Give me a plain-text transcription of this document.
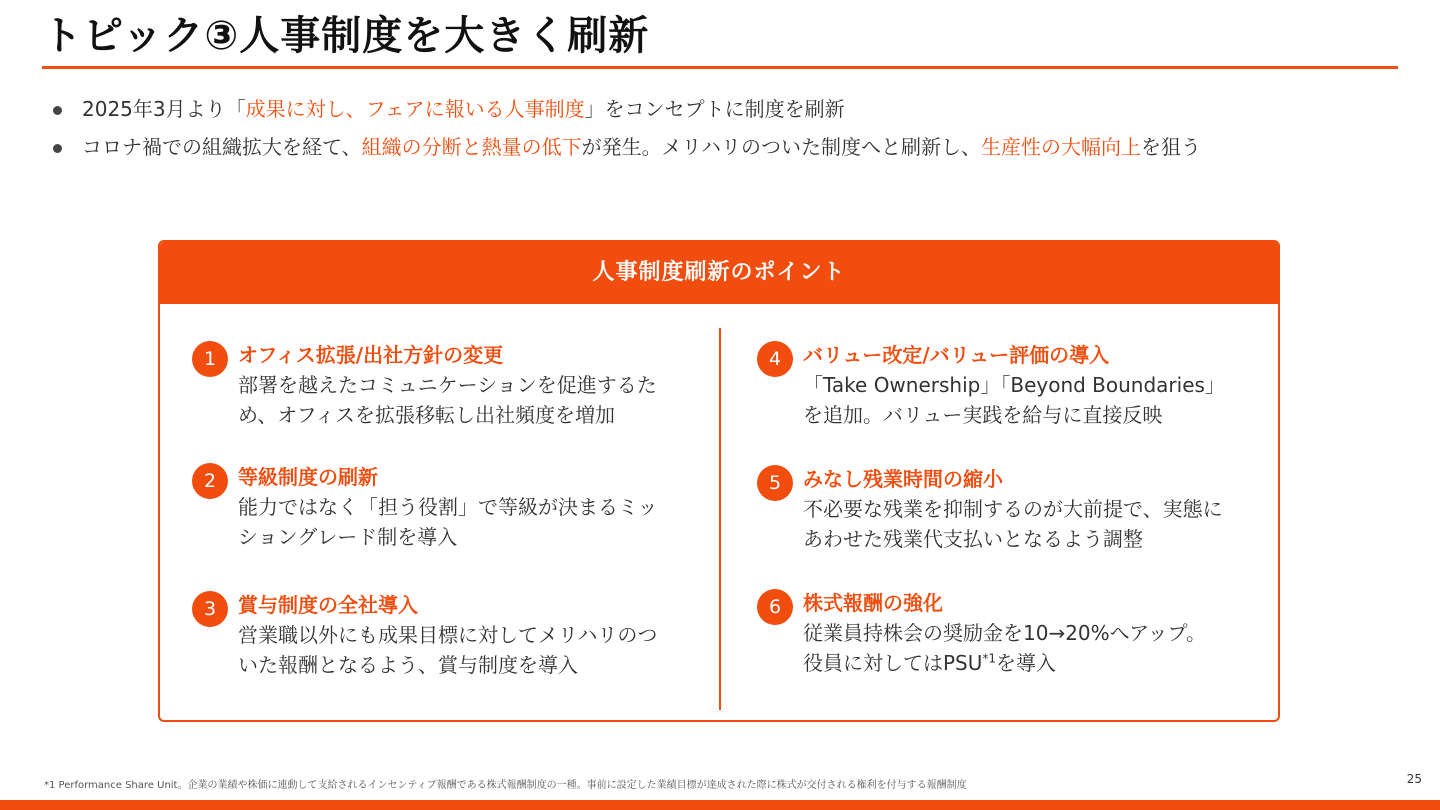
トピック③人事制度を大きく刷新
2025年3月より「成果に対し、フェアに報いる人事制度」をコンセプトに制度を刷新
コロナ禍での組織拡大を経て、組織の分断と熱量の低下が発生。メリハリのついた制度へと刷新し、生産性の大幅向上を狙う
人事制度刷新のポイント
1	オフィス拡張/出社方針の変更
部署を越えたコミュニケーションを促進するた
め、オフィスを拡張移転し出社頻度を増加
2	等級制度の刷新
能力ではなく「担う役割」で等級が決まるミッ
ショングレード制を導入
3	賞与制度の全社導入
営業職以外にも成果目標に対してメリハリのつ
いた報酬となるよう、賞与制度を導入
4	バリュー改定/バリュー評価の導入
「Take Ownership」「Beyond Boundaries」
を追加。バリュー実践を給与に直接反映
5	みなし残業時間の縮小
不必要な残業を抑制するのが大前提で、実態に
あわせた残業代支払いとなるよう調整
6	株式報酬の強化
従業員持株会の奨励金を10→20%へアップ。
役員に対してはPSU$^{*1}$を導入
*1 Performance Share Unit。企業の業績や株価に連動して支給されるインセンティブ報酬である株式報酬制度の一種。事前に設定した業績目標が達成された際に株式が交付される権利を付与する報酬制度	25
